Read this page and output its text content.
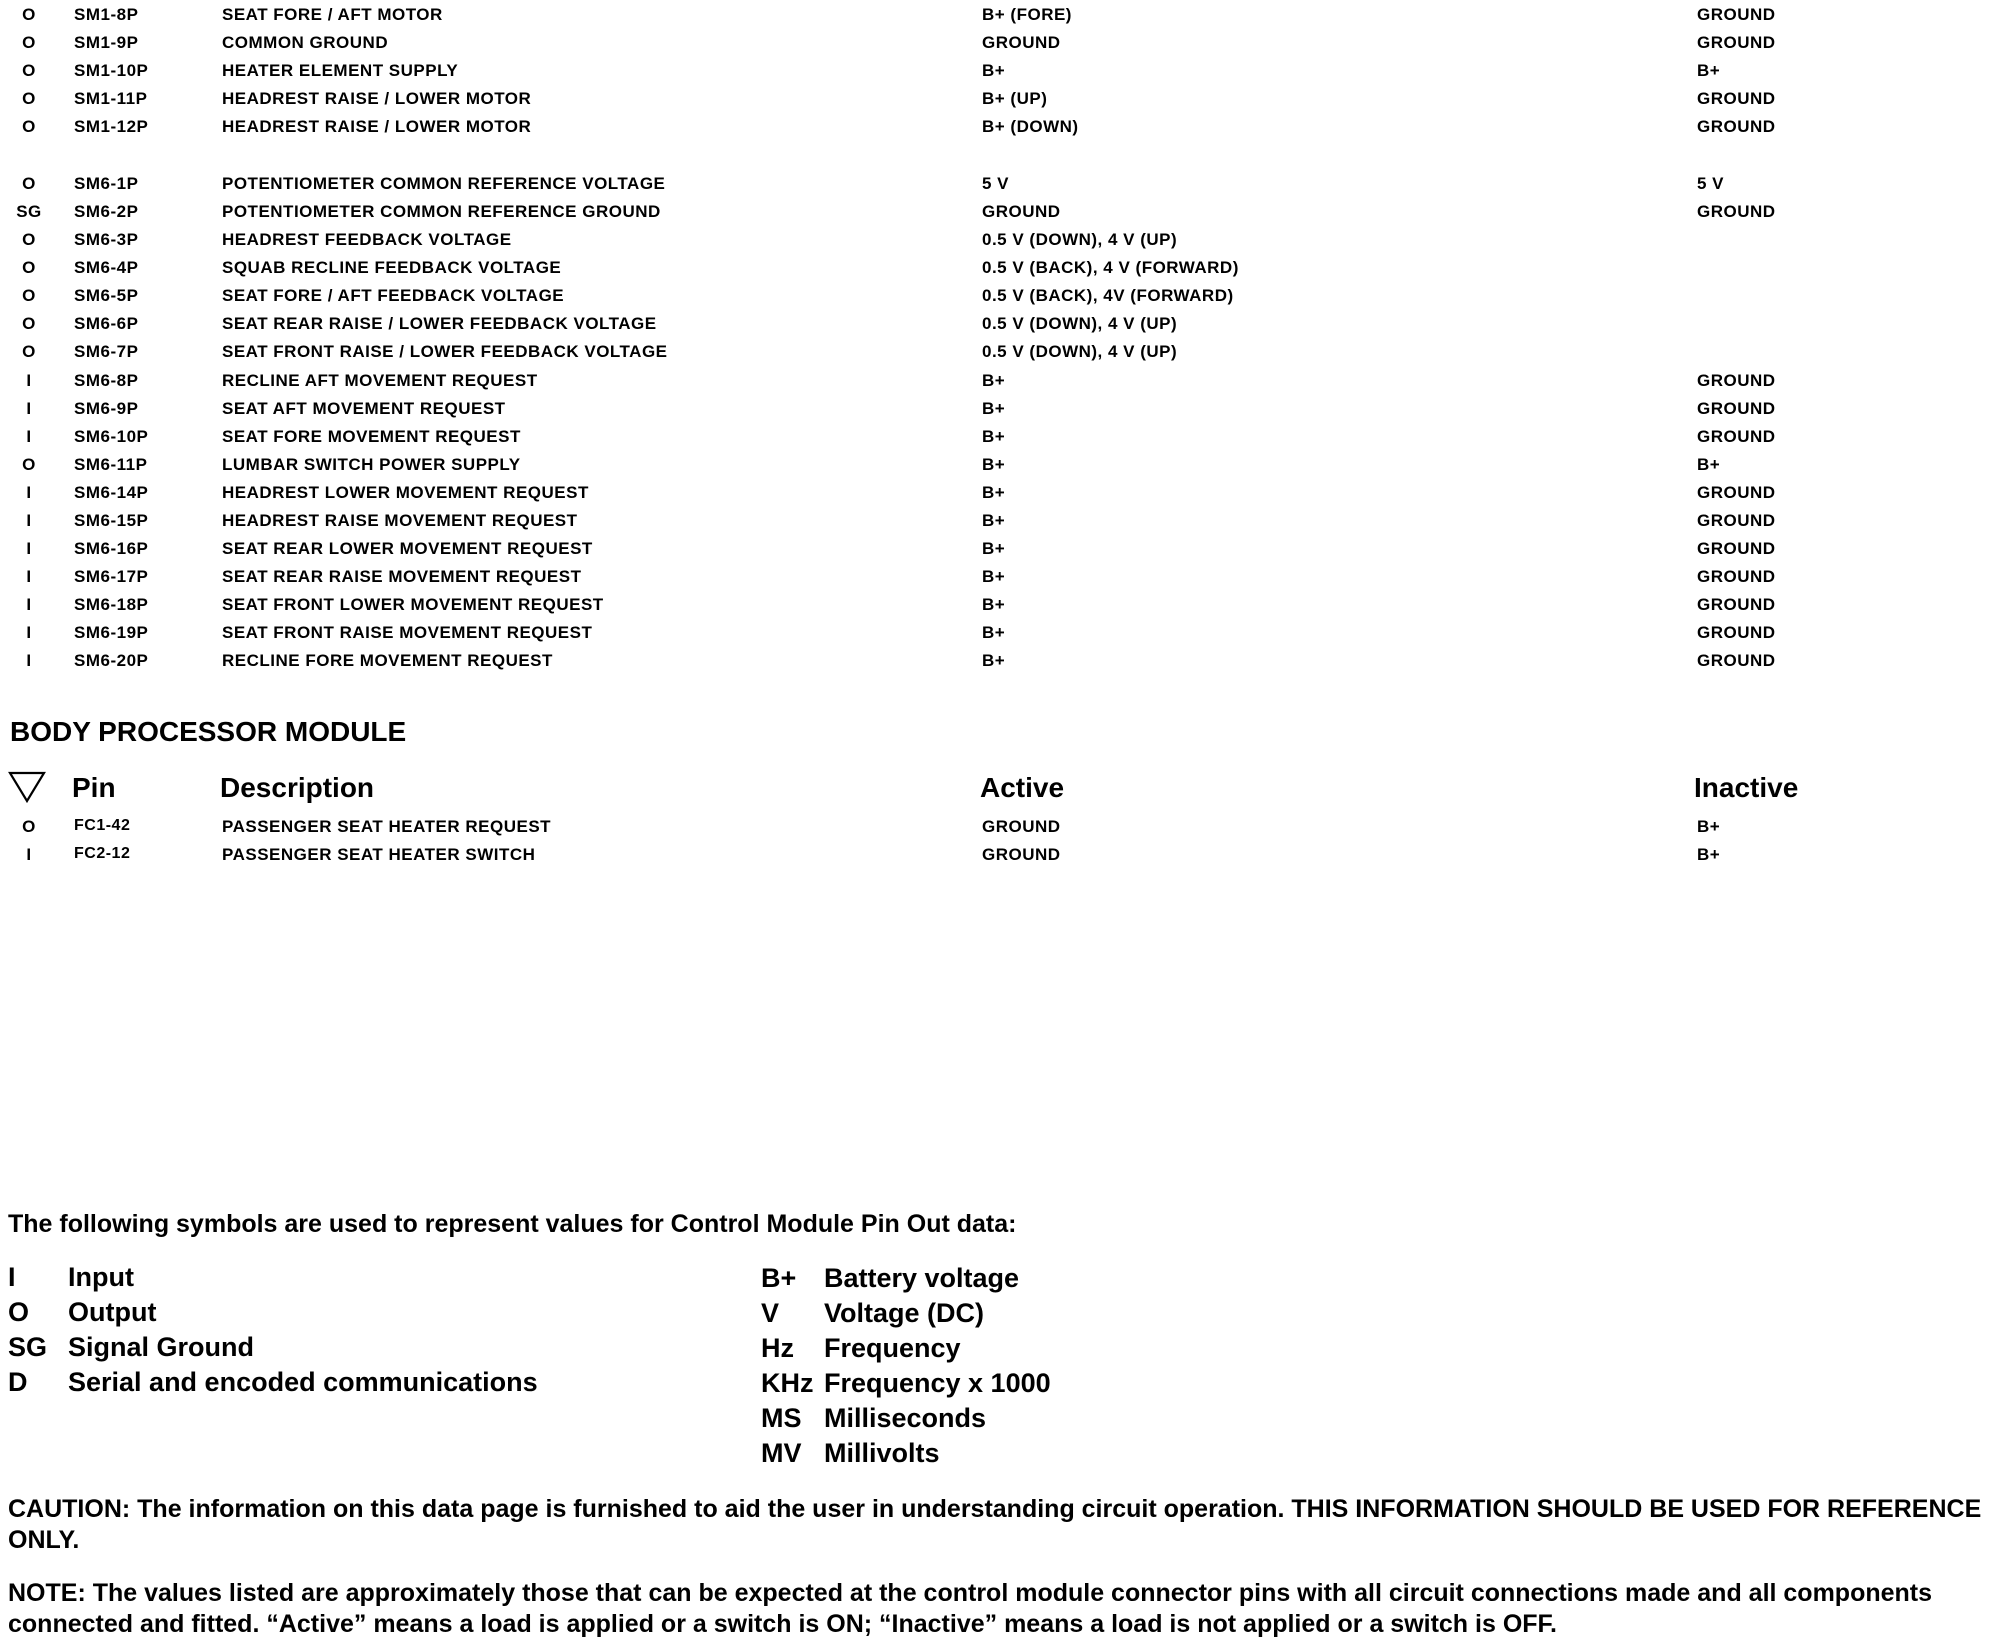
O	SM1-8P	SEAT FORE / AFT MOTOR	B+ (FORE)	GROUND
O	SM1-9P	COMMON GROUND	GROUND	GROUND
O	SM1-10P	HEATER ELEMENT SUPPLY	B+	B+
O	SM1-11P	HEADREST RAISE / LOWER MOTOR	B+ (UP)	GROUND
O	SM1-12P	HEADREST RAISE / LOWER MOTOR	B+ (DOWN)	GROUND
O	SM6-1P	POTENTIOMETER COMMON REFERENCE VOLTAGE	5 V	5 V
SG SM6-2P	POTENTIOMETER COMMON REFERENCE GROUND	GROUND	GROUND
O	SM6-3P	HEADREST FEEDBACK VOLTAGE	0.5 V (DOWN), 4 V (UP)
O	SM6-4P	SQUAB RECLINE FEEDBACK VOLTAGE	0.5 V (BACK), 4 V (FORWARD)
O	SM6-5P	SEAT FORE / AFT FEEDBACK VOLTAGE	0.5 V (BACK), 4V (FORWARD)
O	SM6-6P	SEAT REAR RAISE / LOWER FEEDBACK VOLTAGE	0.5 V (DOWN), 4 V (UP)
O	SM6-7P	SEAT FRONT RAISE / LOWER FEEDBACK VOLTAGE	0.5 V (DOWN), 4 V (UP)
I	SM6-8P	RECLINE AFT MOVEMENT REQUEST	B+	GROUND
I	SM6-9P	SEAT AFT MOVEMENT REQUEST	B+	GROUND
I	SM6-10P	SEAT FORE MOVEMENT REQUEST	B+	GROUND
O	SM6-11P	LUMBAR SWITCH POWER SUPPLY	B+	B+
I	SM6-14P	HEADREST LOWER MOVEMENT REQUEST	B+	GROUND
I	SM6-15P	HEADREST RAISE MOVEMENT REQUEST	B+	GROUND
I	SM6-16P	SEAT REAR LOWER MOVEMENT REQUEST	B+	GROUND
I	SM6-17P	SEAT REAR RAISE MOVEMENT REQUEST	B+	GROUND
I	SM6-18P	SEAT FRONT LOWER MOVEMENT REQUEST	B+	GROUND
I	SM6-19P	SEAT FRONT RAISE MOVEMENT REQUEST	B+	GROUND
I	SM6-20P	RECLINE FORE MOVEMENT REQUEST	B+	GROUND
BODY PROCESSOR MODULE
Pin	Description	Active	Inactive
O	FC1-42	PASSENGER SEAT HEATER REQUEST	GROUND	B+
I	FC2-12	PASSENGER SEAT HEATER SWITCH	GROUND	B+
The following symbols are used to represent values for Control Module Pin Out data:
I Input
O Output
SG Signal Ground
D Serial and encoded communications
B+ Battery voltage
V Voltage (DC)
Hz Frequency
KHz Frequency x 1000
MS Milliseconds
MV Millivolts
CAUTION: The information on this data page is furnished to aid the user in understanding circuit operation. THIS INFORMATION SHOULD BE USED FOR REFERENCE ONLY.
NOTE: The values listed are approximately those that can be expected at the control module connector pins with all circuit connections made and all components connected and fitted. “Active” means a load is applied or a switch is ON; “Inactive” means a load is not applied or a switch is OFF.
